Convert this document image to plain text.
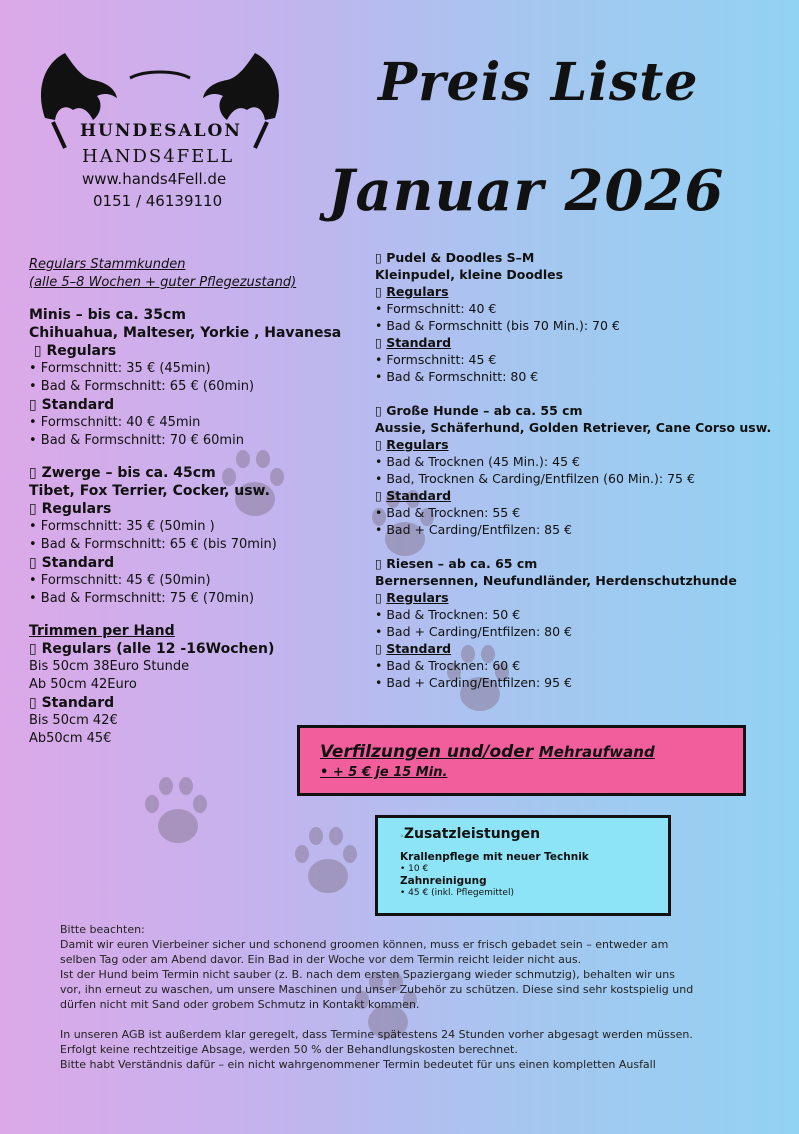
HUNDESALON
HANDS4FELL
www.hands4Fell.de
0151 / 46139110
Preis Liste
Januar 2026
Regulars Stammkunden
(alle 5–8 Wochen + guter Pflegezustand)
Minis – bis ca. 35cm
Chihuahua, Malteser, Yorkie , Havanesa
▯ Regulars
• Formschnitt: 35 € (45min)
• Bad & Formschnitt: 65 € (60min)
▯ Standard
• Formschnitt: 40 € 45min
• Bad & Formschnitt: 70 € 60min
▯ Zwerge – bis ca. 45cm
Tibet, Fox Terrier, Cocker, usw.
▯ Regulars
• Formschnitt: 35 € (50min )
• Bad & Formschnitt: 65 € (bis 70min)
▯ Standard
• Formschnitt: 45 € (50min)
• Bad & Formschnitt: 75 € (70min)
Trimmen per Hand
▯ Regulars (alle 12 -16Wochen)
Bis 50cm 38Euro Stunde
Ab 50cm 42Euro
▯ Standard
Bis 50cm 42€
Ab50cm 45€
▯ Pudel & Doodles S–M
Kleinpudel, kleine Doodles
▯ Regulars
• Formschnitt: 40 €
• Bad & Formschnitt (bis 70 Min.): 70 €
▯ Standard
• Formschnitt: 45 €
• Bad & Formschnitt: 80 €
▯ Große Hunde – ab ca. 55 cm
Aussie, Schäferhund, Golden Retriever, Cane Corso usw.
▯ Regulars
• Bad & Trocknen (45 Min.): 45 €
• Bad, Trocknen & Carding/Entfilzen (60 Min.): 75 €
▯ Standard
• Bad & Trocknen: 55 €
• Bad + Carding/Entfilzen: 85 €
▯ Riesen – ab ca. 65 cm
Bernersennen, Neufundländer, Herdenschutzhunde
▯ Regulars
• Bad & Trocknen: 50 €
• Bad + Carding/Entfilzen: 80 €
▯ Standard
• Bad & Trocknen: 60 €
• Bad + Carding/Entfilzen: 95 €
Verfilzungen und/oder Mehraufwand
• + 5 € je 15 Min.
◦Zusatzleistungen
Krallenpflege mit neuer Technik
• 10 €
Zahnreinigung
• 45 € (inkl. Pflegemittel)
Bitte beachten:
Damit wir euren Vierbeiner sicher und schonend groomen können, muss er frisch gebadet sein – entweder am
selben Tag oder am Abend davor. Ein Bad in der Woche vor dem Termin reicht leider nicht aus.
Ist der Hund beim Termin nicht sauber (z. B. nach dem ersten Spaziergang wieder schmutzig), behalten wir uns
vor, ihn erneut zu waschen, um unsere Maschinen und unser Zubehör zu schützen. Diese sind sehr kostspielig und
dürfen nicht mit Sand oder grobem Schmutz in Kontakt kommen.
In unseren AGB ist außerdem klar geregelt, dass Termine spätestens 24 Stunden vorher abgesagt werden müssen.
Erfolgt keine rechtzeitige Absage, werden 50 % der Behandlungskosten berechnet.
Bitte habt Verständnis dafür – ein nicht wahrgenommener Termin bedeutet für uns einen kompletten Ausfall
